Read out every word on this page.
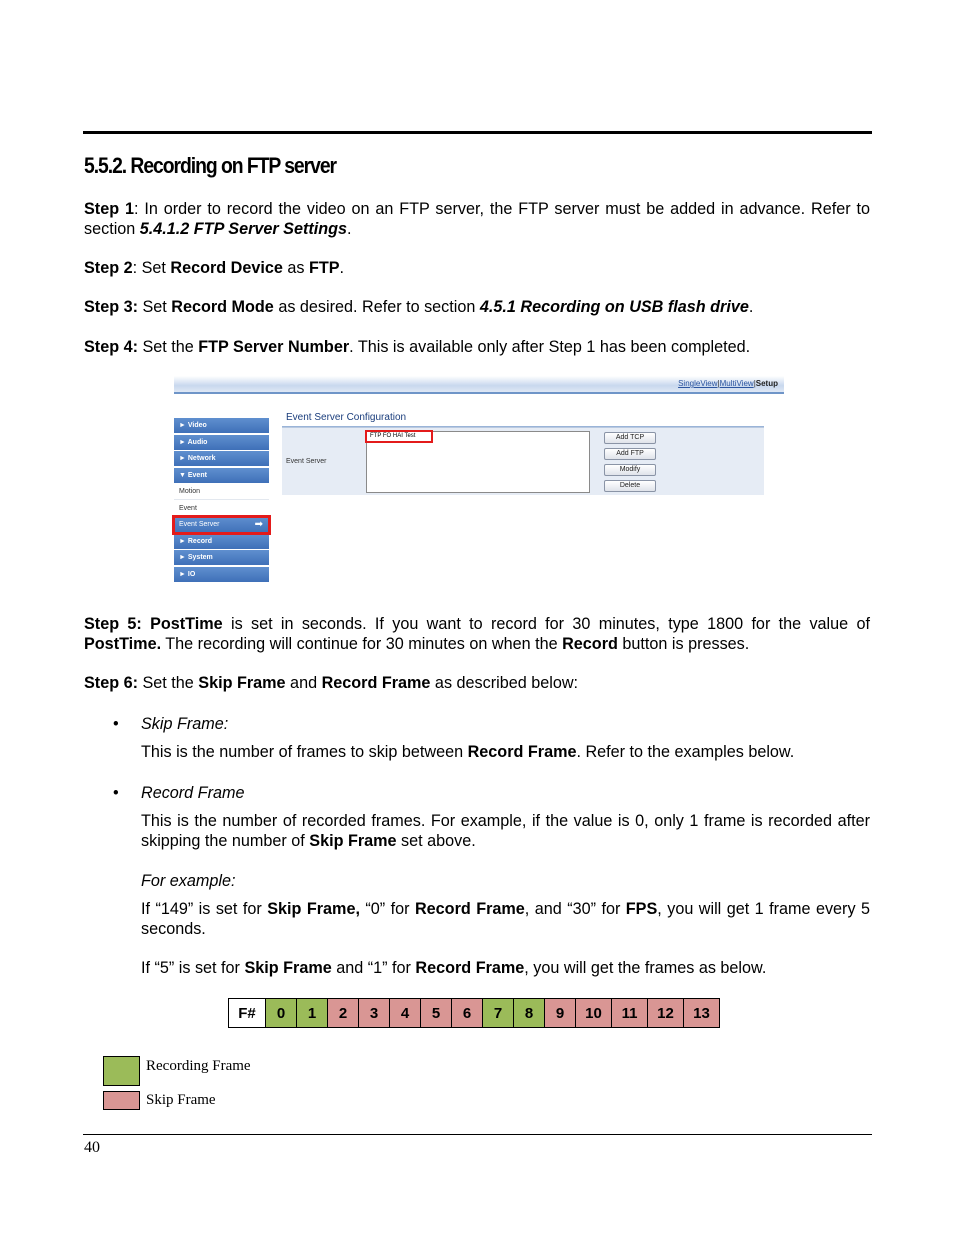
5.5.2. Recording on FTP server

Step 1: In order to record the video on an FTP server, the FTP server must be added in advance. Refer to section 5.4.1.2 FTP Server Settings.

Step 2: Set Record Device as FTP.

Step 3: Set Record Mode as desired. Refer to section 4.5.1 Recording on USB flash drive.

Step 4: Set the FTP Server Number. This is available only after Step 1 has been completed.

SingleView|MultiView|Setup
► Video
► Audio
► Network
▼ Event
Motion
Event
Event Server	➡
► Record
► System
► IO
Event Server Configuration
Event Server
FTP FO HAI Test	Add TCP
Add FTP
Modify
Delete

Step 5: PostTime is set in seconds. If you want to record for 30 minutes, type 1800 for the value of PostTime. The recording will continue for 30 minutes on when the Record button is presses.

Step 6: Set the Skip Frame and Record Frame as described below:

•	Skip Frame:

This is the number of frames to skip between Record Frame. Refer to the examples below.

•	Record Frame

This is the number of recorded frames. For example, if the value is 0, only 1 frame is recorded after skipping the number of Skip Frame set above.

For example:

If “149” is set for Skip Frame, “0” for Record Frame, and “30” for FPS, you will get 1 frame every 5 seconds.

If “5” is set for Skip Frame and “1” for Record Frame, you will get the frames as below.

F#	0	1	2	3	4	5	6	7	8	9	10	11	12	13
Recording Frame
Skip Frame
40
